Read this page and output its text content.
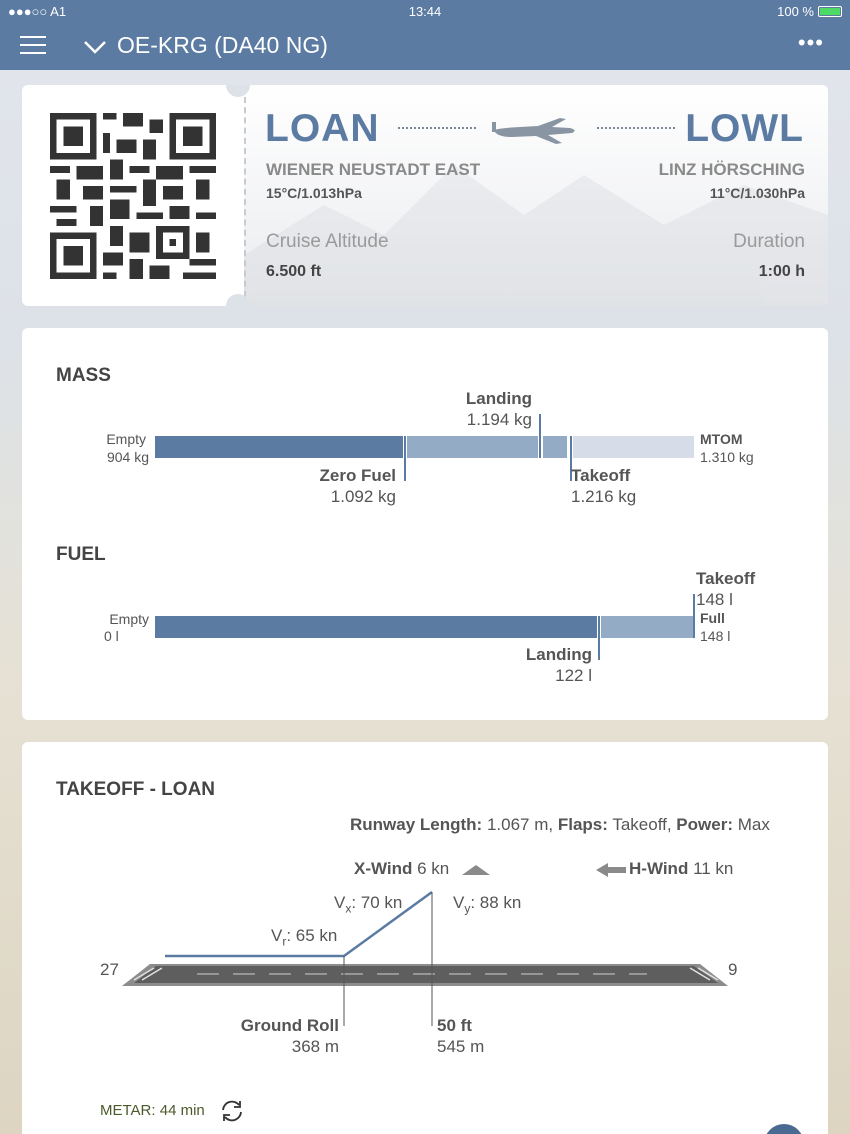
●●●○○ A1	13:44	100 %
OE-KRG (DA40 NG)	•••
LOAN	LOWL
WIENER NEUSTADT EAST	LINZ HÖRSCHING
15°C/1.013hPa	11°C/1.030hPa
Cruise Altitude	Duration
6.500 ft	1:00 h
MASS
Empty
904 kg
MTOM
1.310 kg
Landing
1.194 kg
Zero Fuel
1.092 kg
Takeoff
1.216 kg
FUEL
Empty
0 l
Takeoff
148 l
Full
148 l
Landing
122 l
TAKEOFF - LOAN
Runway Length: 1.067 m, Flaps: Takeoff, Power: Max
X-Wind 6 kn	H-Wind 11 kn
$V_x$: 70 kn	$V_y$: 88 kn
$V_r$: 65 kn
27	9
Ground Roll
368 m
50 ft
545 m
METAR: 44 min
